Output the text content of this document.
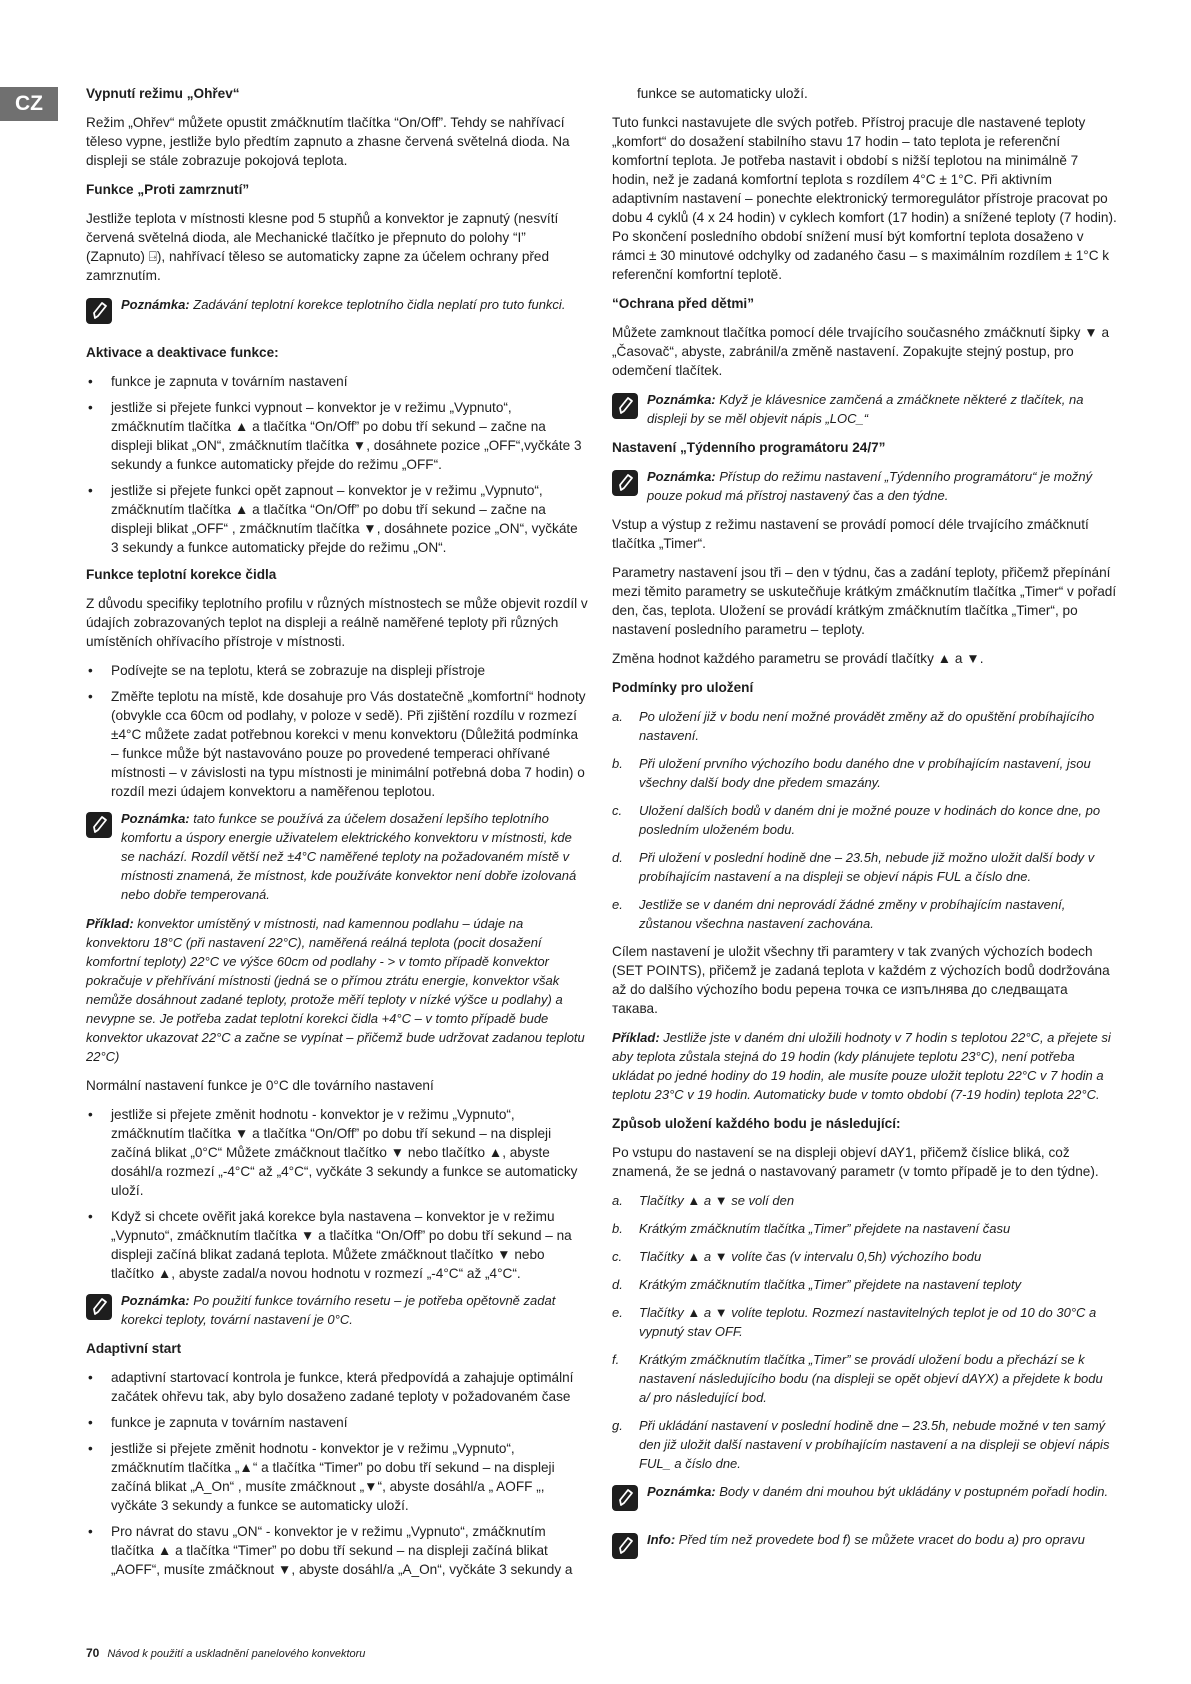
CZ	Vypnutí režimu „Ohřev“

Režim „Ohřev“ můžete opustit zmáčknutím tlačítka “On/Off”. Tehdy se nahřívací těleso vypne, jestliže bylo předtím zapnuto a zhasne červená světelná dioda. Na displeji se stále zobrazuje pokojová teplota.

Funkce „Proti zamrznutí”

Jestliže teplota v místnosti klesne pod 5 stupňů a konvektor je zapnutý (nesvítí červená světelná dioda, ale Mechanické tlačítko je přepnuto do polohy “I” (Zapnuto) ⍈), nahřívací těleso se automaticky zapne za účelem ochrany před zamrznutím.

Poznámka: Zadávání teplotní korekce teplotního čidla neplatí pro tuto funkci.
Aktivace a deaktivace funkce:
• funkce je zapnuta v továrním nastavení
• jestliže si přejete funkci vypnout – konvektor je v režimu „Vypnuto“, zmáčknutím tlačítka ▲ a tlačítka “On/Off” po dobu tří sekund – začne na displeji blikat „ON“, zmáčknutím tlačítka ▼, dosáhnete pozice „OFF“,vyčkáte 3 sekundy a funkce automaticky přejde do režimu „OFF“.
• jestliže si přejete funkci opět zapnout – konvektor je v režimu „Vypnuto“, zmáčknutím tlačítka ▲ a tlačítka “On/Off” po dobu tří sekund – začne na displeji blikat „OFF“ , zmáčknutím tlačítka ▼, dosáhnete pozice „ON“, vyčkáte 3 sekundy a funkce automaticky přejde do režimu „ON“.
Funkce teplotní korekce čidla

Z důvodu specifiky teplotního profilu v různých místnostech se může objevit rozdíl v údajích zobrazovaných teplot na displeji a reálně naměřené teploty při různých umístěních ohřívacího přístroje v místnosti.

• Podívejte se na teplotu, která se zobrazuje na displeji přístroje
• Změřte teplotu na místě, kde dosahuje pro Vás dostatečně „komfortní“ hodnoty (obvykle cca 60cm od podlahy, v poloze v sedě). Při zjištění rozdílu v rozmezí ±4°C můžete zadat potřebnou korekci v menu konvektoru (Důležitá podmínka – funkce může být nastavováno pouze po provedené temperaci ohřívané místnosti – v závislosti na typu místnosti je minimální potřebná doba 7 hodin) o rozdíl mezi údajem konvektoru a naměřenou teplotou.
Poznámka: tato funkce se používá za účelem dosažení lepšího teplotního komfortu a úspory energie uživatelem elektrického konvektoru v místnosti, kde se nachází. Rozdíl větší než ±4°C naměřené teploty na požadovaném místě v místnosti znamená, že místnost, kde používáte konvektor není dobře izolovaná nebo dobře temperovaná.

Příklad: konvektor umístěný v místnosti, nad kamennou podlahu – údaje na konvektoru 18°C (při nastavení 22°C), naměřená reálná teplota (pocit dosažení komfortní teploty) 22°C ve výšce 60cm od podlahy - > v tomto případě konvektor pokračuje v přehřívání místnosti (jedná se o přímou ztrátu energie, konvektor však nemůže dosáhnout zadané teploty, protože měří teploty v nízké výšce u podlahy) a nevypne se. Je potřeba zadat teplotní korekci čidla +4°C – v tomto případě bude konvektor ukazovat 22°C a začne se vypínat – přičemž bude udržovat zadanou teplotu 22°C)

Normální nastavení funkce je 0°C dle továrního nastavení

• jestliže si přejete změnit hodnotu - konvektor je v režimu „Vypnuto“, zmáčknutím tlačítka ▼ a tlačítka “On/Off” po dobu tří sekund – na displeji začíná blikat „0°C“ Můžete zmáčknout tlačítko ▼ nebo tlačítko ▲, abyste dosáhl/a rozmezí „-4°C“ až „4°C“, vyčkáte 3 sekundy a funkce se automaticky uloží.
• Když si chcete ověřit jaká korekce byla nastavena – konvektor je v režimu „Vypnuto“, zmáčknutím tlačítka ▼ a tlačítka “On/Off” po dobu tří sekund – na displeji začíná blikat zadaná teplota. Můžete zmáčknout tlačítko ▼ nebo tlačítko ▲, abyste zadal/a novou hodnotu v rozmezí „-4°C“ až „4°C“.
Poznámka: Po použití funkce továrního resetu – je potřeba opětovně zadat korekci teploty, tovární nastavení je 0°C.
Adaptivní start
• adaptivní startovací kontrola je funkce, která předpovídá a zahajuje optimální začátek ohřevu tak, aby bylo dosaženo zadané teploty v požadovaném čase
• funkce je zapnuta v továrním nastavení
• jestliže si přejete změnit hodnotu - konvektor je v režimu „Vypnuto“, zmáčknutím tlačítka „▲“ a tlačítka “Timer” po dobu tří sekund – na displeji začíná blikat „A_On“ , musíte zmáčknout „▼“, abyste dosáhl/a „ AOFF „, vyčkáte 3 sekundy a funkce se automaticky uloží.
• Pro návrat do stavu „ON“ - konvektor je v režimu „Vypnuto“, zmáčknutím tlačítka ▲ a tlačítka “Timer” po dobu tří sekund – na displeji začíná blikat „AOFF“, musíte zmáčknout ▼, abyste dosáhl/a „A_On“, vyčkáte 3 sekundy a

funkce se automaticky uloží.

Tuto funkci nastavujete dle svých potřeb. Přístroj pracuje dle nastavené teploty „komfort“ do dosažení stabilního stavu 17 hodin – tato teplota je referenční komfortní teplota. Je potřeba nastavit i období s nižší teplotou na minimálně 7 hodin, než je zadaná komfortní teplota s rozdílem 4°C ± 1°C. Při aktivním adaptivním nastavení – ponechte elektronický termoregulátor přístroje pracovat po dobu 4 cyklů (4 x 24 hodin) v cyklech komfort (17 hodin) a snížené teploty (7 hodin). Po skončení posledního období snížení musí být komfortní teplota dosaženo v rámci ± 30 minutové odchylky od zadaného času – s maximálním rozdílem ± 1°C k referenční komfortní teplotě.

“Ochrana před dětmi”

Můžete zamknout tlačítka pomocí déle trvajícího současného zmáčknutí šipky ▼ a „Časovač“, abyste, zabránil/a změně nastavení. Zopakujte stejný postup, pro odemčení tlačítek.

Poznámka: Když je klávesnice zamčená a zmáčknete některé z tlačítek, na displeji by se měl objevit nápis „LOC_“
Nastavení „Týdenního programátoru 24/7”
Poznámka: Přístup do režimu nastavení „Týdenního programátoru“ je možný pouze pokud má přístroj nastavený čas a den týdne.

Vstup a výstup z režimu nastavení se provádí pomocí déle trvajícího zmáčknutí tlačítka „Timer“.

Parametry nastavení jsou tři – den v týdnu, čas a zadání teploty, přičemž přepínání mezi těmito parametry se uskutečňuje krátkým zmáčknutím tlačítka „Timer“ v pořadí den, čas, teplota. Uložení se provádí krátkým zmáčknutím tlačítka „Timer“, po nastavení posledního parametru – teploty.

Změna hodnot každého parametru se provádí tlačítky ▲ a ▼.

Podmínky pro uložení
a. Po uložení již v bodu není možné provádět změny až do opuštění probíhajícího nastavení.
b. Při uložení prvního výchozího bodu daného dne v probíhajícím nastavení, jsou všechny další body dne předem smazány.
c. Uložení dalších bodů v daném dni je možné pouze v hodinách do konce dne, po posledním uloženém bodu.
d. Při uložení v poslední hodině dne – 23.5h, nebude již možno uložit další body v probíhajícím nastavení a na displeji se objeví nápis FUL a číslo dne.
e. Jestliže se v daném dni neprovádí žádné změny v probíhajícím nastavení, zůstanou všechna nastavení zachována.

Cílem nastavení je uložit všechny tři paramtery v tak zvaných výchozích bodech (SET POINTS), přičemž je zadaná teplota v každém z výchozích bodů dodržována až do dalšího výchozího bodu ререна точка се изпълнява до следващата такава.

Příklad: Jestliže jste v daném dni uložili hodnoty v 7 hodin s teplotou 22°C, a přejete si aby teplota zůstala stejná do 19 hodin (kdy plánujete teplotu 23°C), není potřeba ukládat po jedné hodiny do 19 hodin, ale musíte pouze uložit teplotu 22°C v 7 hodin a teplotu 23°C v 19 hodin. Automaticky bude v tomto období (7-19 hodin) teplota 22°C.

Způsob uložení každého bodu je následující:

Po vstupu do nastavení se na displeji objeví dAY1, přičemž číslice bliká, což znamená, že se jedná o nastavovaný parametr (v tomto případě je to den týdne).

a. Tlačítky ▲ a ▼ se volí den
b. Krátkým zmáčknutím tlačítka „Timer” přejdete na nastavení času
c. Tlačítky ▲ a ▼ volíte čas (v intervalu 0,5h) výchozího bodu
d. Krátkým zmáčknutím tlačítka „Timer” přejdete na nastavení teploty
e. Tlačítky ▲ a ▼ volíte teplotu. Rozmezí nastavitelných teplot je od 10 do 30°C a vypnutý stav OFF.
f. Krátkým zmáčknutím tlačítka „Timer” se provádí uložení bodu a přechází se k nastavení následujícího bodu (na displeji se opět objeví dAYX) a přejdete k bodu a/ pro následující bod.
g. Při ukládání nastavení v poslední hodině dne – 23.5h, nebude možné v ten samý den již uložit další nastavení v probíhajícím nastavení a na displeji se objeví nápis FUL_ a číslo dne.
Poznámka: Body v daném dni mouhou být ukládány v postupném pořadí hodin.
Info: Před tím než provedete bod f) se můžete vracet do bodu a) pro opravu
70 Návod k použití a uskladnění panelového konvektoru
